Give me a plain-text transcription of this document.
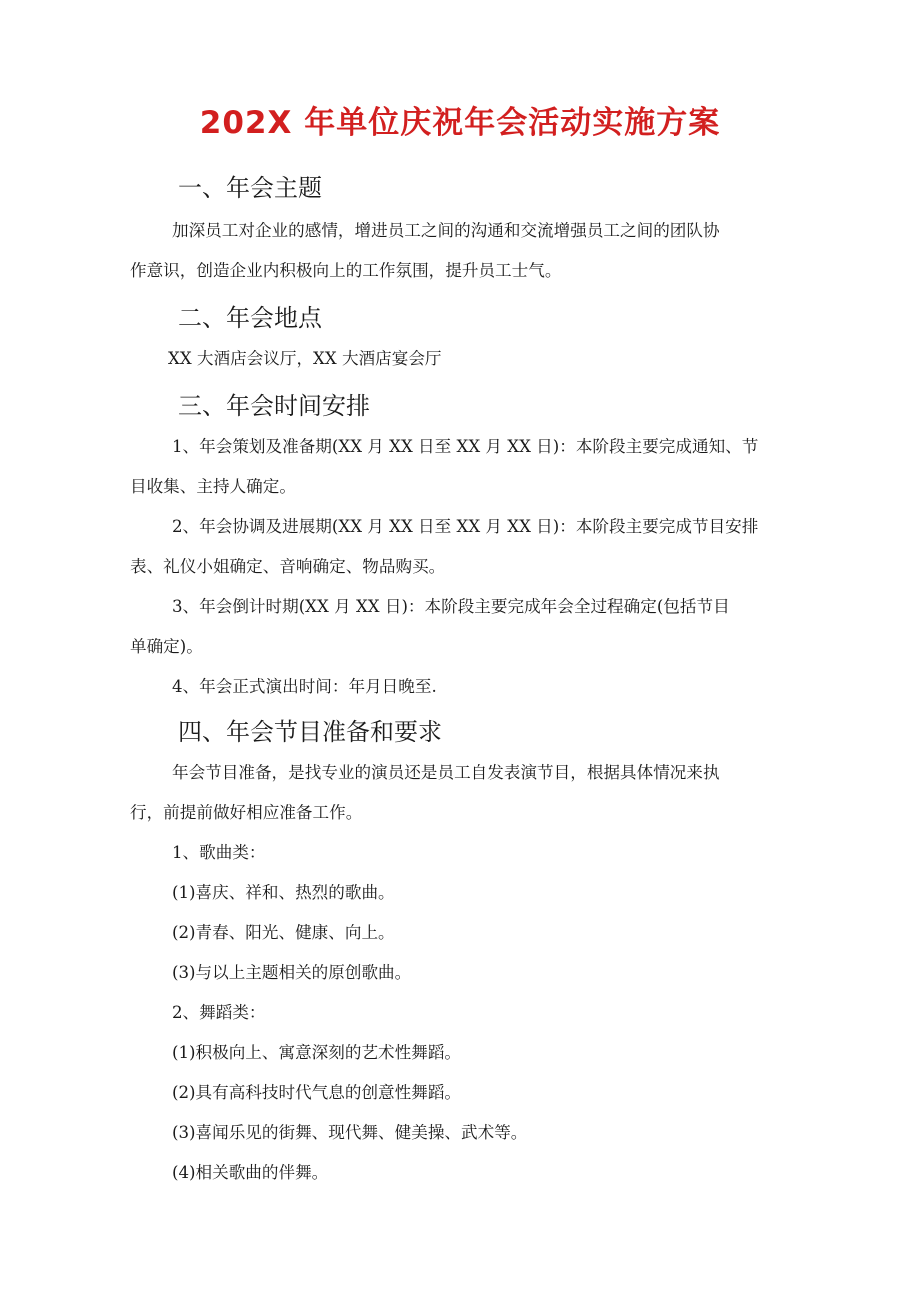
202X 年单位庆祝年会活动实施方案
一、年会主题

加深员工对企业的感情，增进员工之间的沟通和交流增强员工之间的团队协

作意识，创造企业内积极向上的工作氛围，提升员工士气。

二、年会地点

XX 大酒店会议厅，XX 大酒店宴会厅

三、年会时间安排

1、年会策划及准备期(XX 月 XX 日至 XX 月 XX 日)：本阶段主要完成通知、节

目收集、主持人确定。

2、年会协调及进展期(XX 月 XX 日至 XX 月 XX 日)：本阶段主要完成节目安排

表、礼仪小姐确定、音响确定、物品购买。

3、年会倒计时期(XX 月 XX 日)：本阶段主要完成年会全过程确定(包括节目

单确定)。

4、年会正式演出时间：年月日晚至.

四、年会节目准备和要求

年会节目准备，是找专业的演员还是员工自发表演节目，根据具体情况来执

行，前提前做好相应准备工作。

1、歌曲类：

(1)喜庆、祥和、热烈的歌曲。

(2)青春、阳光、健康、向上。

(3)与以上主题相关的原创歌曲。

2、舞蹈类：

(1)积极向上、寓意深刻的艺术性舞蹈。

(2)具有高科技时代气息的创意性舞蹈。

(3)喜闻乐见的街舞、现代舞、健美操、武术等。

(4)相关歌曲的伴舞。
